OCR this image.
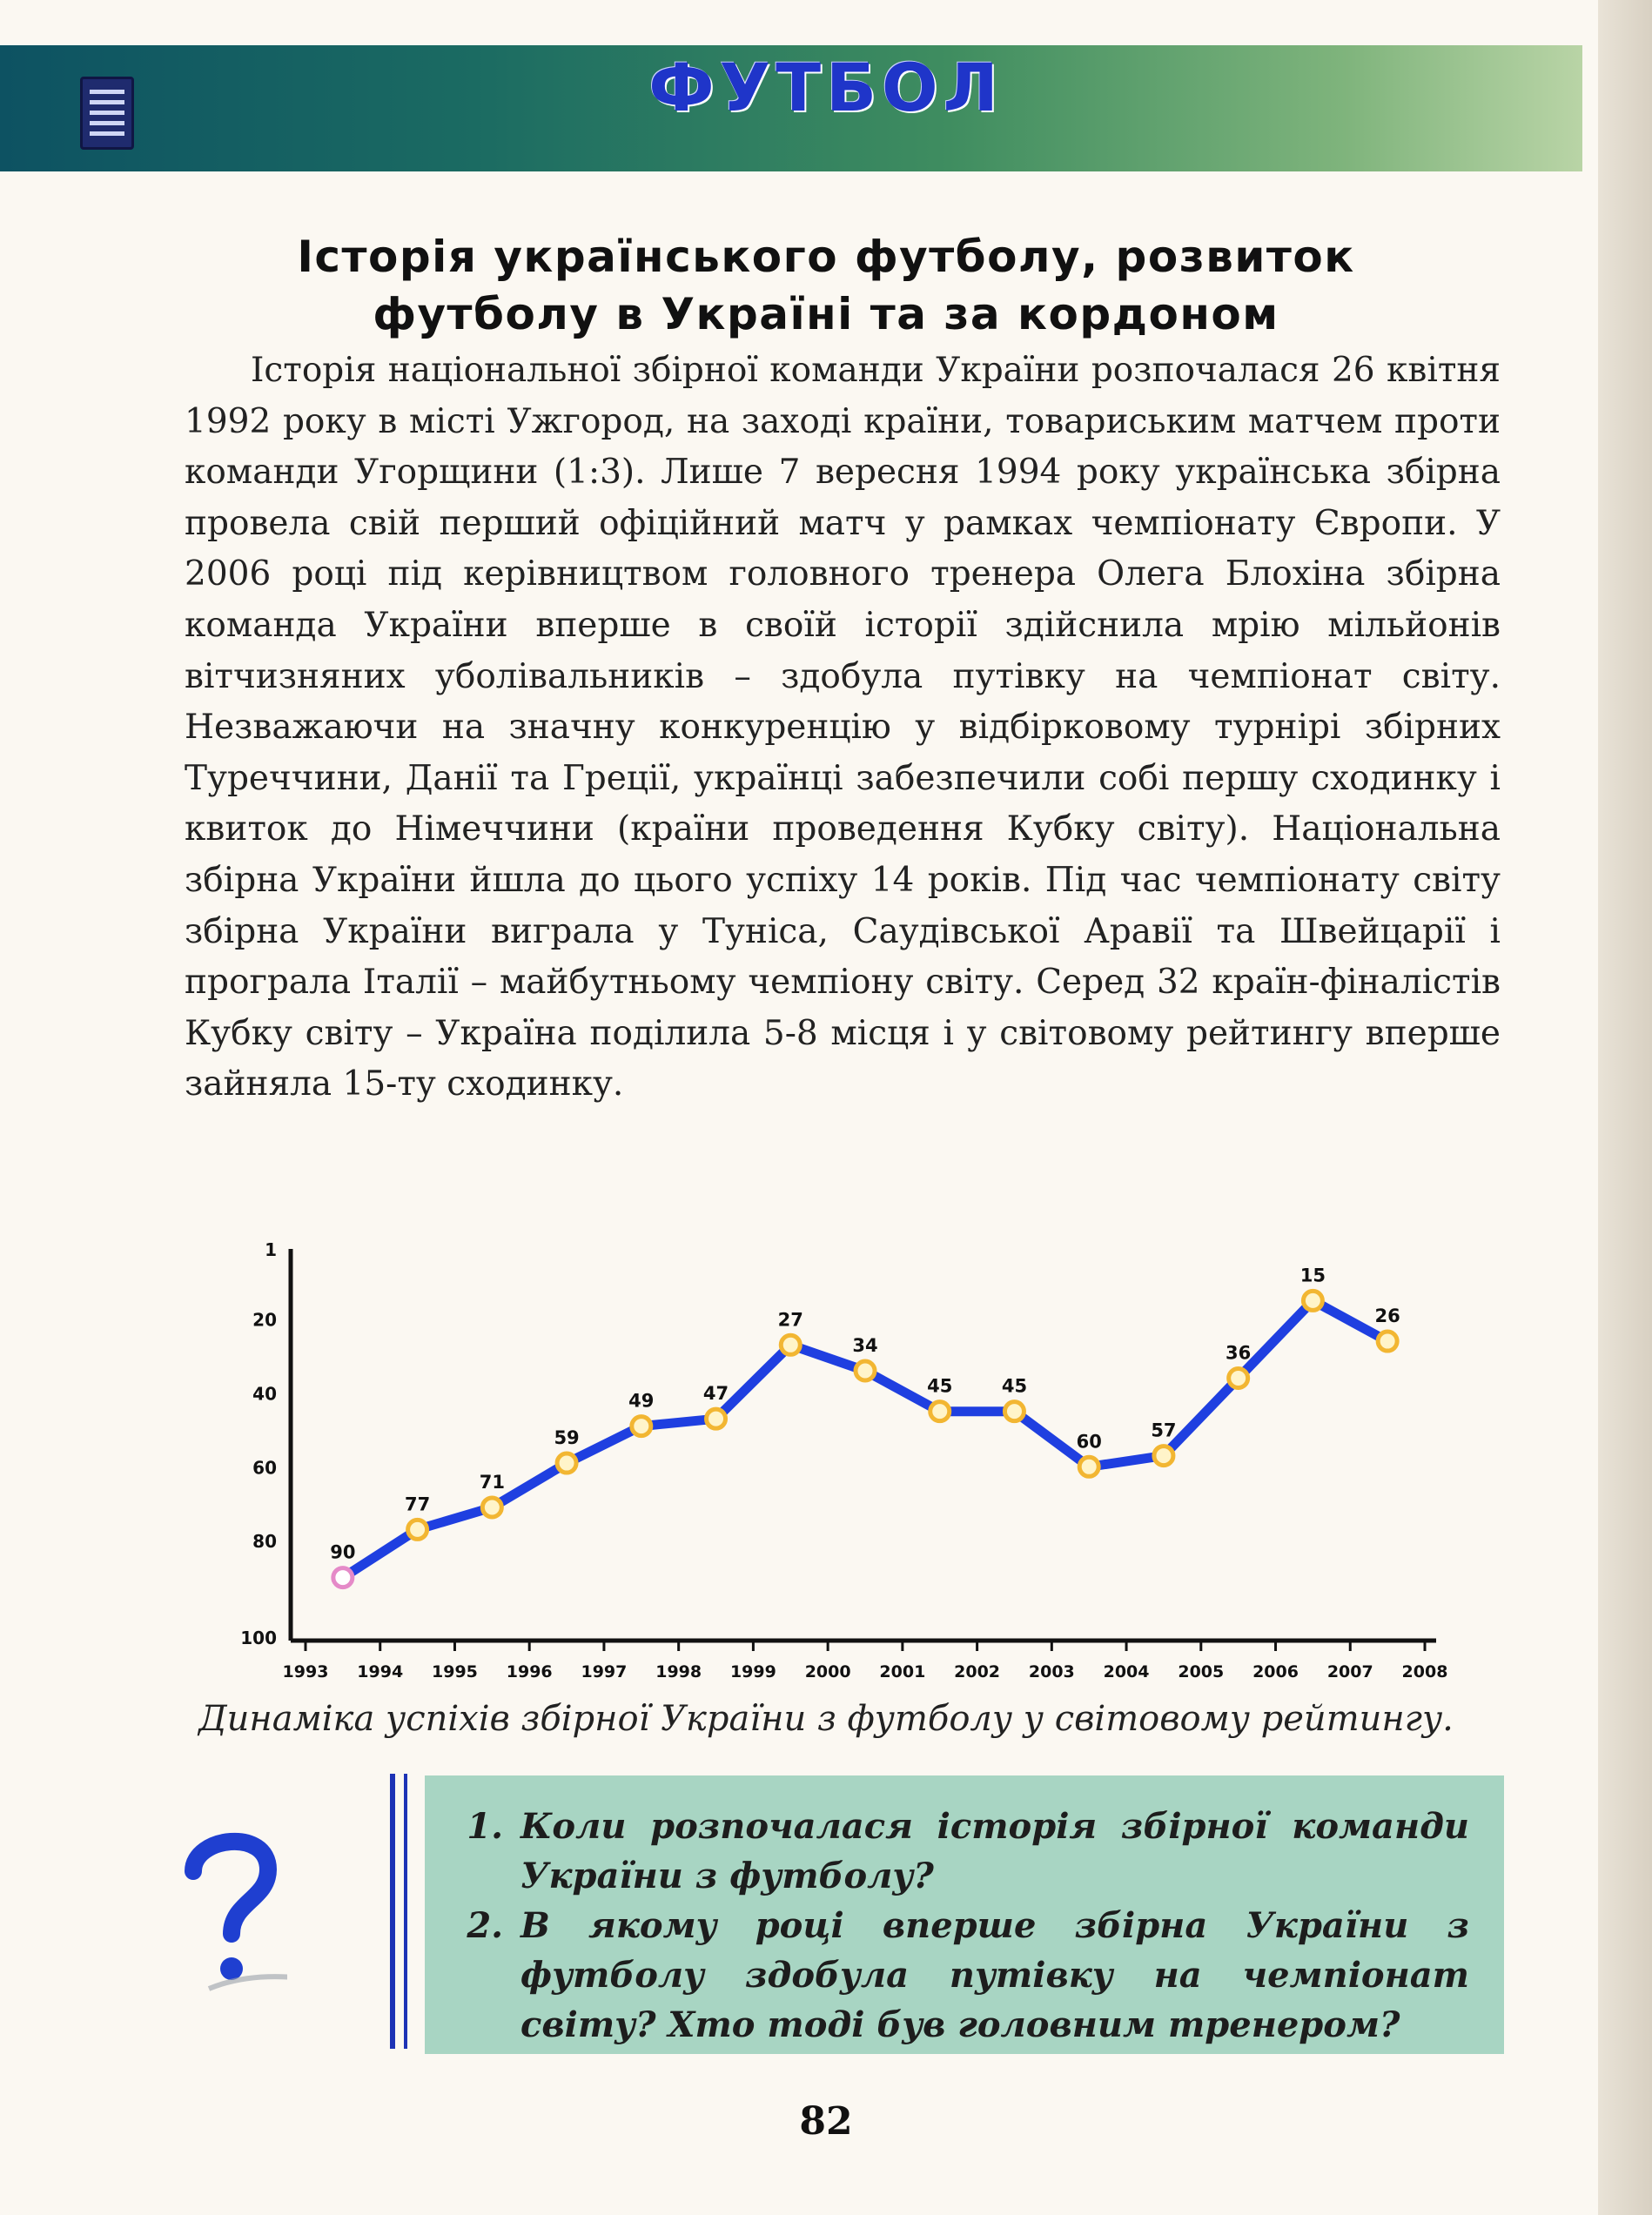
ФУТБОЛ
Історія українського футболу, розвиток
футболу в Україні та за кордоном

Історія національної збірної команди України розпочалася 26 квітня 1992 року в місті Ужгород, на заході країни, товариським матчем проти команди Угорщини (1:3). Лише 7 вересня 1994 року українська збірна провела свій перший офіційний матч у рамках чемпіонату Європи. У 2006 році під керівництвом головного тренера Олега Блохіна збірна команда України вперше в своїй історії здійснила мрію мільйонів вітчизняних уболівальників – здобула путівку на чемпіонат світу. Незважаючи на значну конкуренцію у відбірковому турнірі збірних Туреччини, Данії та Греції, українці забезпечили собі першу сходинку і квиток до Німеччини (країни проведення Кубку світу). Національна збірна України йшла до цього успіху 14 років. Під час чемпіонату світу збірна України виграла у Туніса, Саудівської Аравії та Швейцарії і програла Італії – майбутньому чемпіону світу. Серед 32 країн-фіналістів Кубку світу – Україна поділила 5-8 місця і у світовому рейтингу вперше зайняла 15-ту сходинку.

1
20
40
60
80
100
1993 1994 1995 1996 1997 1998 1999 2000 2001 2002 2003 2004 2005 2006 2007 2008
90
77
71
59
49	47
27
34
45	45
60
57
36
15
26
Динаміка успіхів збірної України з футболу у світовому рейтингу.
1. Коли розпочалася історія збірної команди України з футболу?
2. В якому році вперше збірна України з футболу здобула путівку на чемпіонат світу? Хто тоді був головним тренером?
82
